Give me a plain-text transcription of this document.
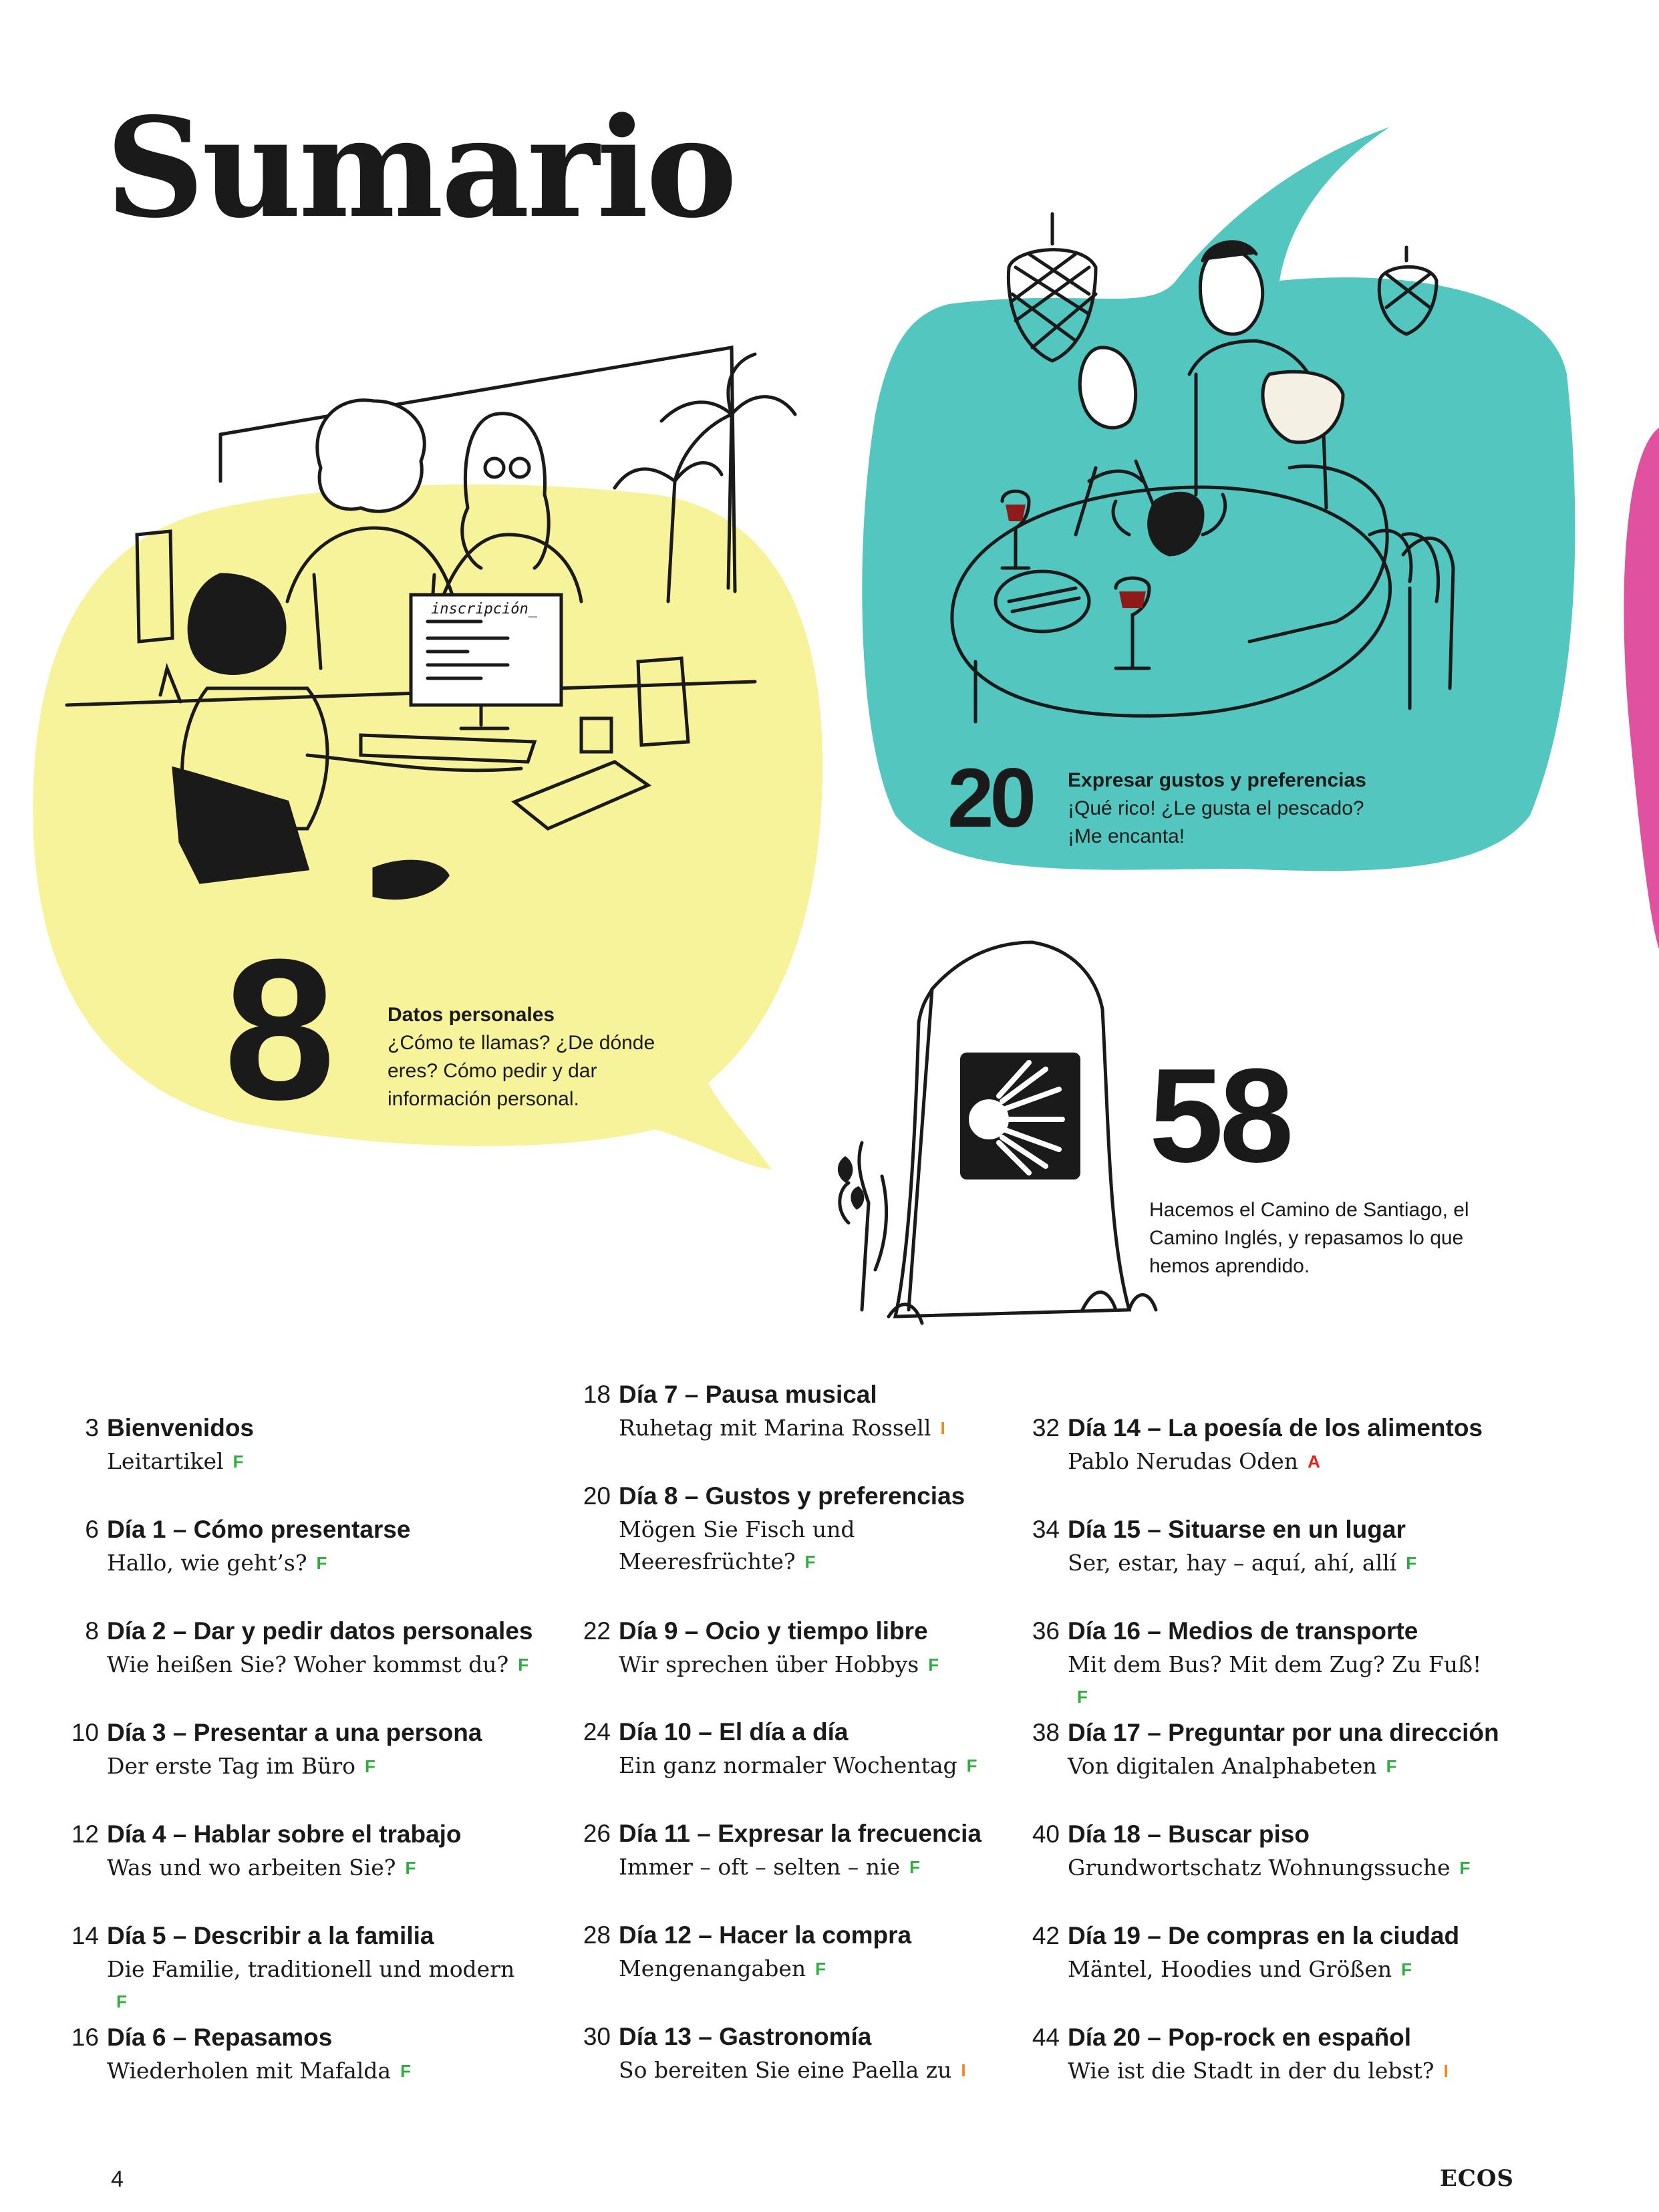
Sumario
inscripción_
8	Datos personales
¿Cómo te llamas? ¿De dónde
eres? Cómo pedir y dar
información personal.
20 Expresar gustos y preferencias
¡Qué rico! ¿Le gusta el pescado?
¡Me encanta!
58
Hacemos el Camino de Santiago, el
Camino Inglés, y repasamos lo que
hemos aprendido.
3 Bienvenidos
Leitartikel F
6 Día 1 – Cómo presentarse
Hallo, wie geht’s? F
8 Día 2 – Dar y pedir datos personales
Wie heißen Sie? Woher kommst du? F
10 Día 3 – Presentar a una persona
Der erste Tag im Büro F
12 Día 4 – Hablar sobre el trabajo
Was und wo arbeiten Sie? F
14 Día 5 – Describir a la familia
Die Familie, traditionell und modernF
16 Día 6 – Repasamos
Wiederholen mit Mafalda F
18 Día 7 – Pausa musical
Ruhetag mit Marina Rossell I
20 Día 8 – Gustos y preferencias
Mögen Sie Fisch und
Meeresfrüchte? F
22 Día 9 – Ocio y tiempo libre
Wir sprechen über Hobbys F
24 Día 10 – El día a día
Ein ganz normaler Wochentag F
26 Día 11 – Expresar la frecuencia
Immer – oft – selten – nie F
28 Día 12 – Hacer la compra
Mengenangaben F
30 Día 13 – Gastronomía
So bereiten Sie eine Paella zu I
32 Día 14 – La poesía de los alimentos
Pablo Nerudas Oden A
34 Día 15 – Situarse en un lugar
Ser, estar, hay – aquí, ahí, allí F
36 Día 16 – Medios de transporte
Mit dem Bus? Mit dem Zug? Zu Fuß!F
38 Día 17 – Preguntar por una dirección
Von digitalen Analphabeten F
40 Día 18 – Buscar piso
Grundwortschatz Wohnungssuche F
42 Día 19 – De compras en la ciudad
Mäntel, Hoodies und Größen F
44 Día 20 – Pop-rock en español
Wie ist die Stadt in der du lebst? I
4	ECOS
